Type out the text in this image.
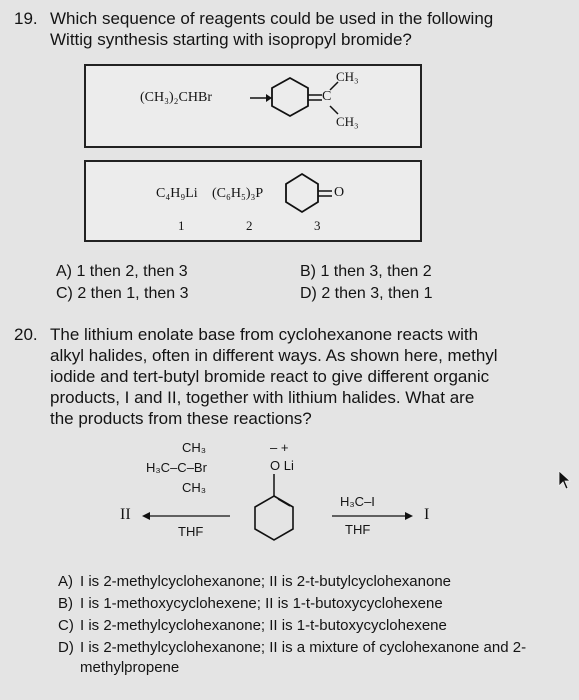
19. Which sequence of reagents could be used in the following
Wittig synthesis starting with isopropyl bromide?
(CH₃)₂CHBr
CH₃
C
CH₃
C₄H₉Li (C₆H₅)₃P	O
1	2	3
A) 1 then 2, then 3	B) 1 then 3, then 2
C) 2 then 1, then 3	D) 2 then 3, then 1
20. The lithium enolate base from cyclohexanone reacts with
alkyl halides, often in different ways. As shown here, methyl
iodide and tert-butyl bromide react to give different organic
products, I and II, together with lithium halides. What are
the products from these reactions?
CH₃
H₃C–C–Br
CH₃
II
THF
– +
O Li
H₃C–I
THF
I
A) I is 2-methylcyclohexanone; II is 2-t-butylcyclohexanone
B) I is 1-methoxycyclohexene; II is 1-t-butoxycyclohexene
C) I is 2-methylcyclohexanone; II is 1-t-butoxycyclohexene
D) I is 2-methylcyclohexanone; II is a mixture of cyclohexanone and 2-methylpropene
